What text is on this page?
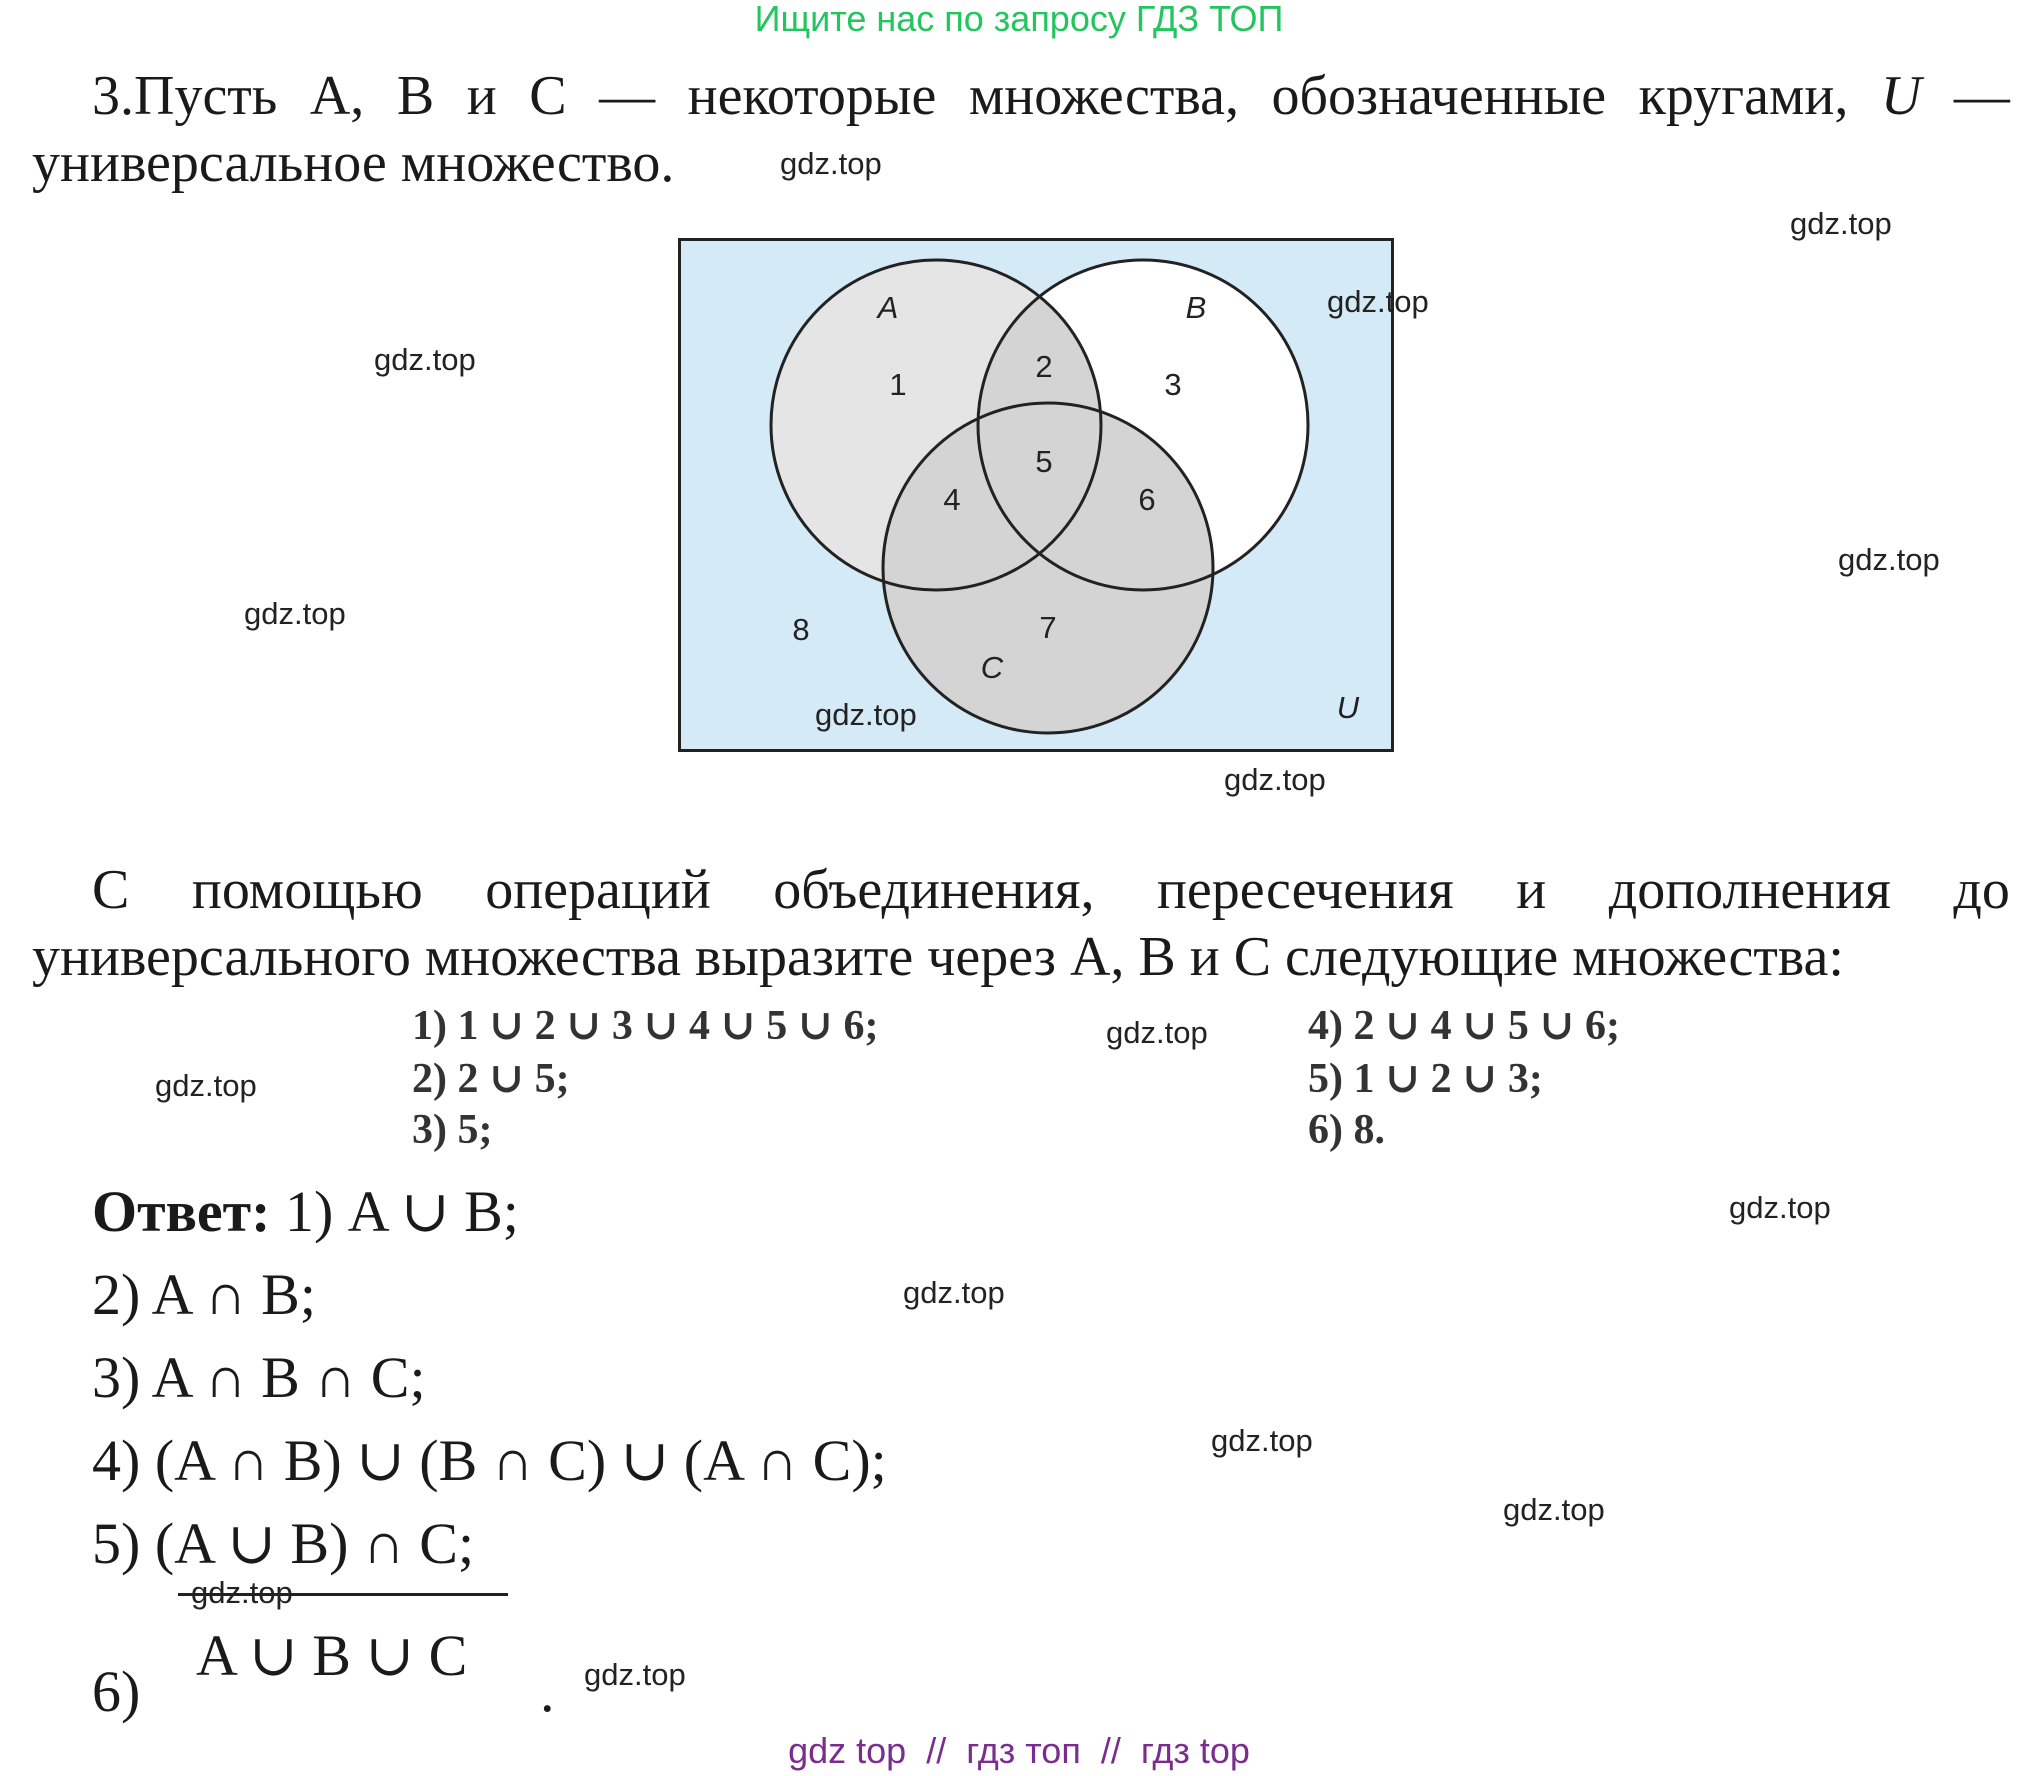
Ищите нас по запросу ГДЗ ТОП
3.Пусть A, B и C — некоторые множества, обозначенные кругами, U —
универсальное множество.
A	B
C
U
1
2
3
4
5
6
7
8
С помощью операций объединения, пересечения и дополнения до
универсального множества выразите через A, B и C следующие множества:
1) 1 ∪ 2 ∪ 3 ∪ 4 ∪ 5 ∪ 6;
2) 2 ∪ 5;
3) 5;
4) 2 ∪ 4 ∪ 5 ∪ 6;
5) 1 ∪ 2 ∪ 3;
6) 8.
Ответ: 1) A ∪ B;
2) A ∩ B;
3) A ∩ B ∩ C;
4) (A ∩ B) ∪ (B ∩ C) ∪ (A ∩ C);
5) (A ∪ B) ∩ C;
6)
A ∪ B ∪ C
.
gdz.top
gdz.top
gdz.top
gdz.top
gdz.top
gdz.top
gdz.top
gdz.top
gdz.top
gdz.top
gdz.top
gdz.top
gdz.top
gdz.top
gdz.top
gdz.top
gdz top  //  гдз топ  //  гдз top
